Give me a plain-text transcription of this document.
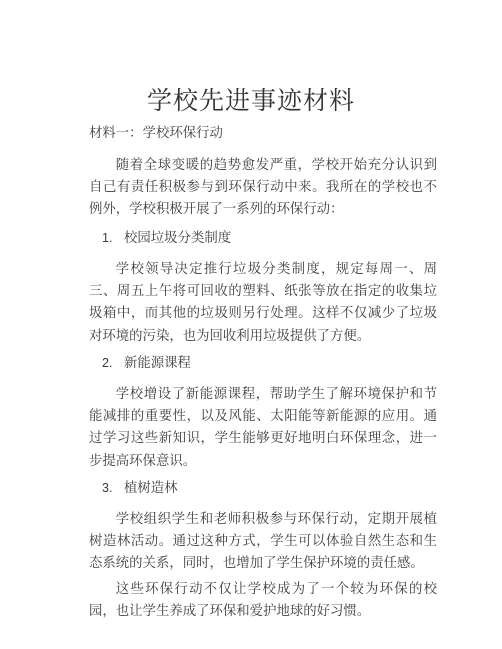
学校先进事迹材料
材料一：学校环保行动
随着全球变暖的趋势愈发严重，学校开始充分认识到自己有责任积极参与到环保行动中来。我所在的学校也不例外，学校积极开展了一系列的环保行动：
1. 校园垃圾分类制度
学校领导决定推行垃圾分类制度，规定每周一、周三、周五上午将可回收的塑料、纸张等放在指定的收集垃圾箱中，而其他的垃圾则另行处理。这样不仅减少了垃圾对环境的污染，也为回收利用垃圾提供了方便。
2. 新能源课程
学校增设了新能源课程，帮助学生了解环境保护和节能减排的重要性，以及风能、太阳能等新能源的应用。通过学习这些新知识，学生能够更好地明白环保理念，进一步提高环保意识。
3. 植树造林
学校组织学生和老师积极参与环保行动，定期开展植树造林活动。通过这种方式，学生可以体验自然生态和生态系统的关系，同时，也增加了学生保护环境的责任感。
这些环保行动不仅让学校成为了一个较为环保的校园，也让学生养成了环保和爱护地球的好习惯。
